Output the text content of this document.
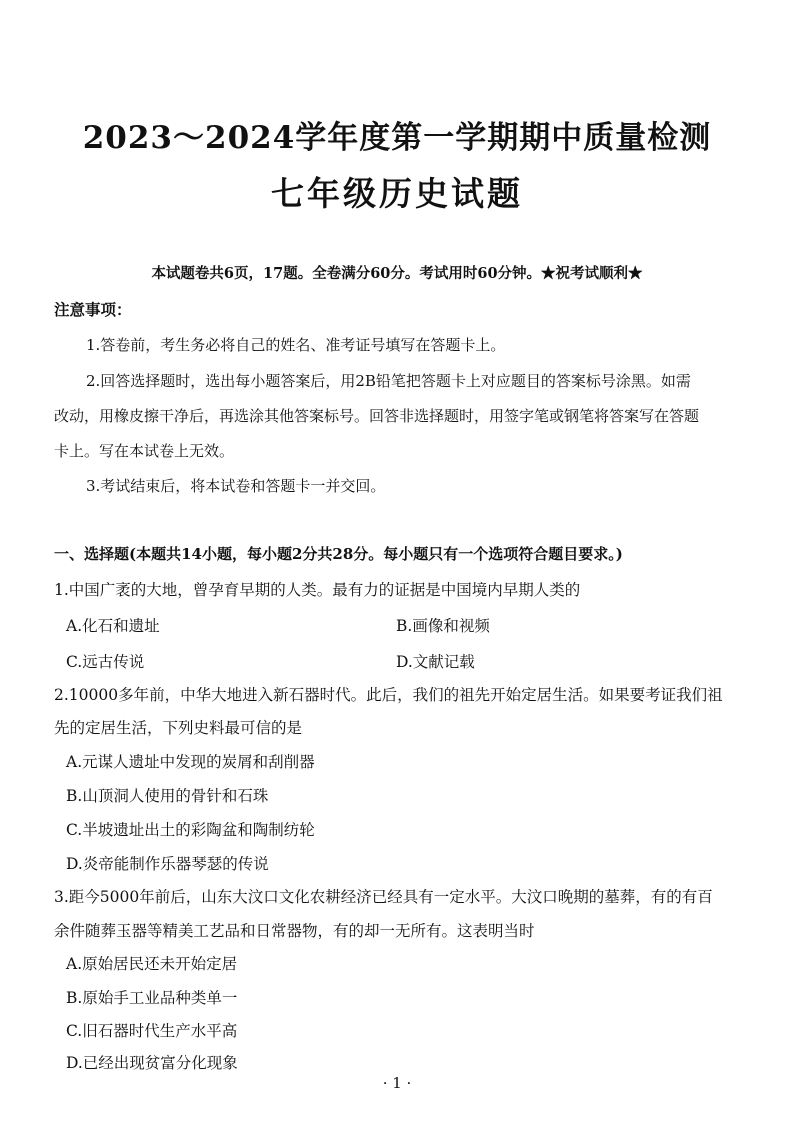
2023～2024学年度第一学期期中质量检测
七年级历史试题
本试题卷共6页，17题。全卷满分60分。考试用时60分钟。★祝考试顺利★
注意事项：
1.答卷前，考生务必将自己的姓名、准考证号填写在答题卡上。
2.回答选择题时，选出每小题答案后，用2B铅笔把答题卡上对应题目的答案标号涂黑。如需
改动，用橡皮擦干净后，再选涂其他答案标号。回答非选择题时，用签字笔或钢笔将答案写在答题
卡上。写在本试卷上无效。
3.考试结束后，将本试卷和答题卡一并交回。
一、选择题(本题共14小题，每小题2分共28分。每小题只有一个选项符合题目要求。)
1.中国广袤的大地，曾孕育早期的人类。最有力的证据是中国境内早期人类的
A.化石和遗址	B.画像和视频
C.远古传说	D.文献记载
2.10000多年前，中华大地进入新石器时代。此后，我们的祖先开始定居生活。如果要考证我们祖
先的定居生活，下列史料最可信的是
A.元谋人遗址中发现的炭屑和刮削器
B.山顶洞人使用的骨针和石珠
C.半坡遗址出土的彩陶盆和陶制纺轮
D.炎帝能制作乐器琴瑟的传说
3.距今5000年前后，山东大汶口文化农耕经济已经具有一定水平。大汶口晚期的墓葬，有的有百
余件随葬玉器等精美工艺品和日常器物，有的却一无所有。这表明当时
A.原始居民还未开始定居
B.原始手工业品种类单一
C.旧石器时代生产水平高
D.已经出现贫富分化现象
· 1 ·
